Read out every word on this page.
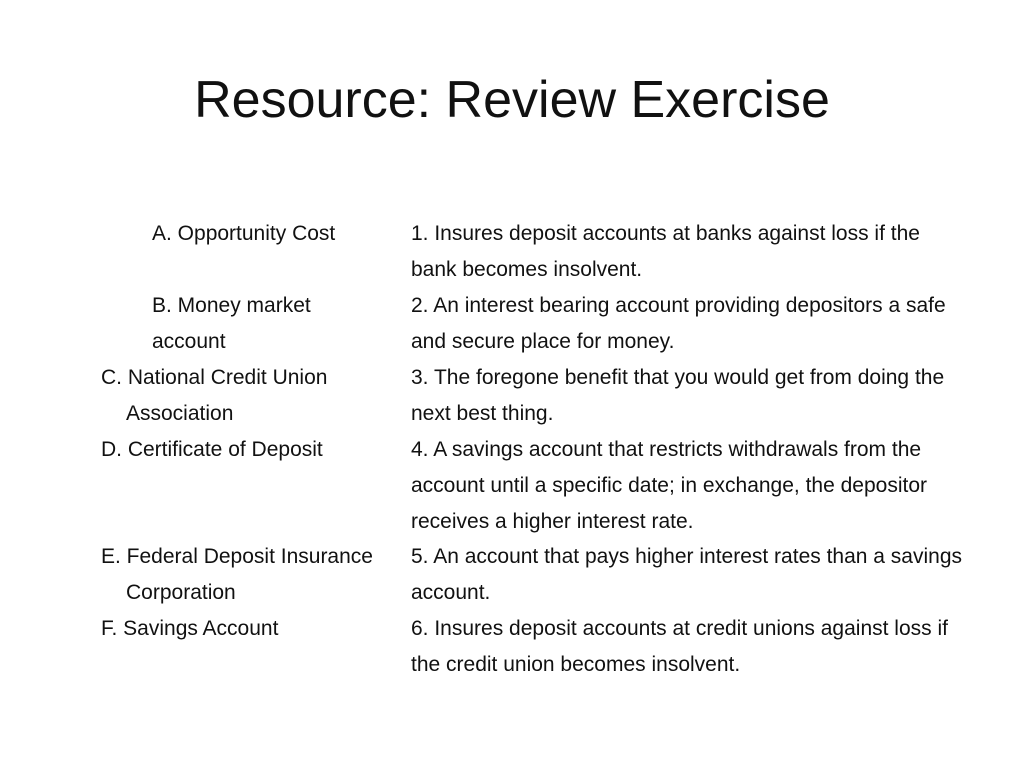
Resource: Review Exercise
A. Opportunity Cost
B. Money market
account
C. National Credit Union
Association
D. Certificate of Deposit
E. Federal Deposit Insurance
Corporation
F. Savings Account
1. Insures deposit accounts at banks against loss if the bank becomes insolvent.
2. An interest bearing account providing depositors a safe and secure place for money.
3. The foregone benefit that you would get from doing the next best thing.
4. A savings account that restricts withdrawals from the account until a specific date; in exchange, the depositor receives a higher interest rate.
5. An account that pays higher interest rates than a savings account.
6. Insures deposit accounts at credit unions against loss if the credit union becomes insolvent.
